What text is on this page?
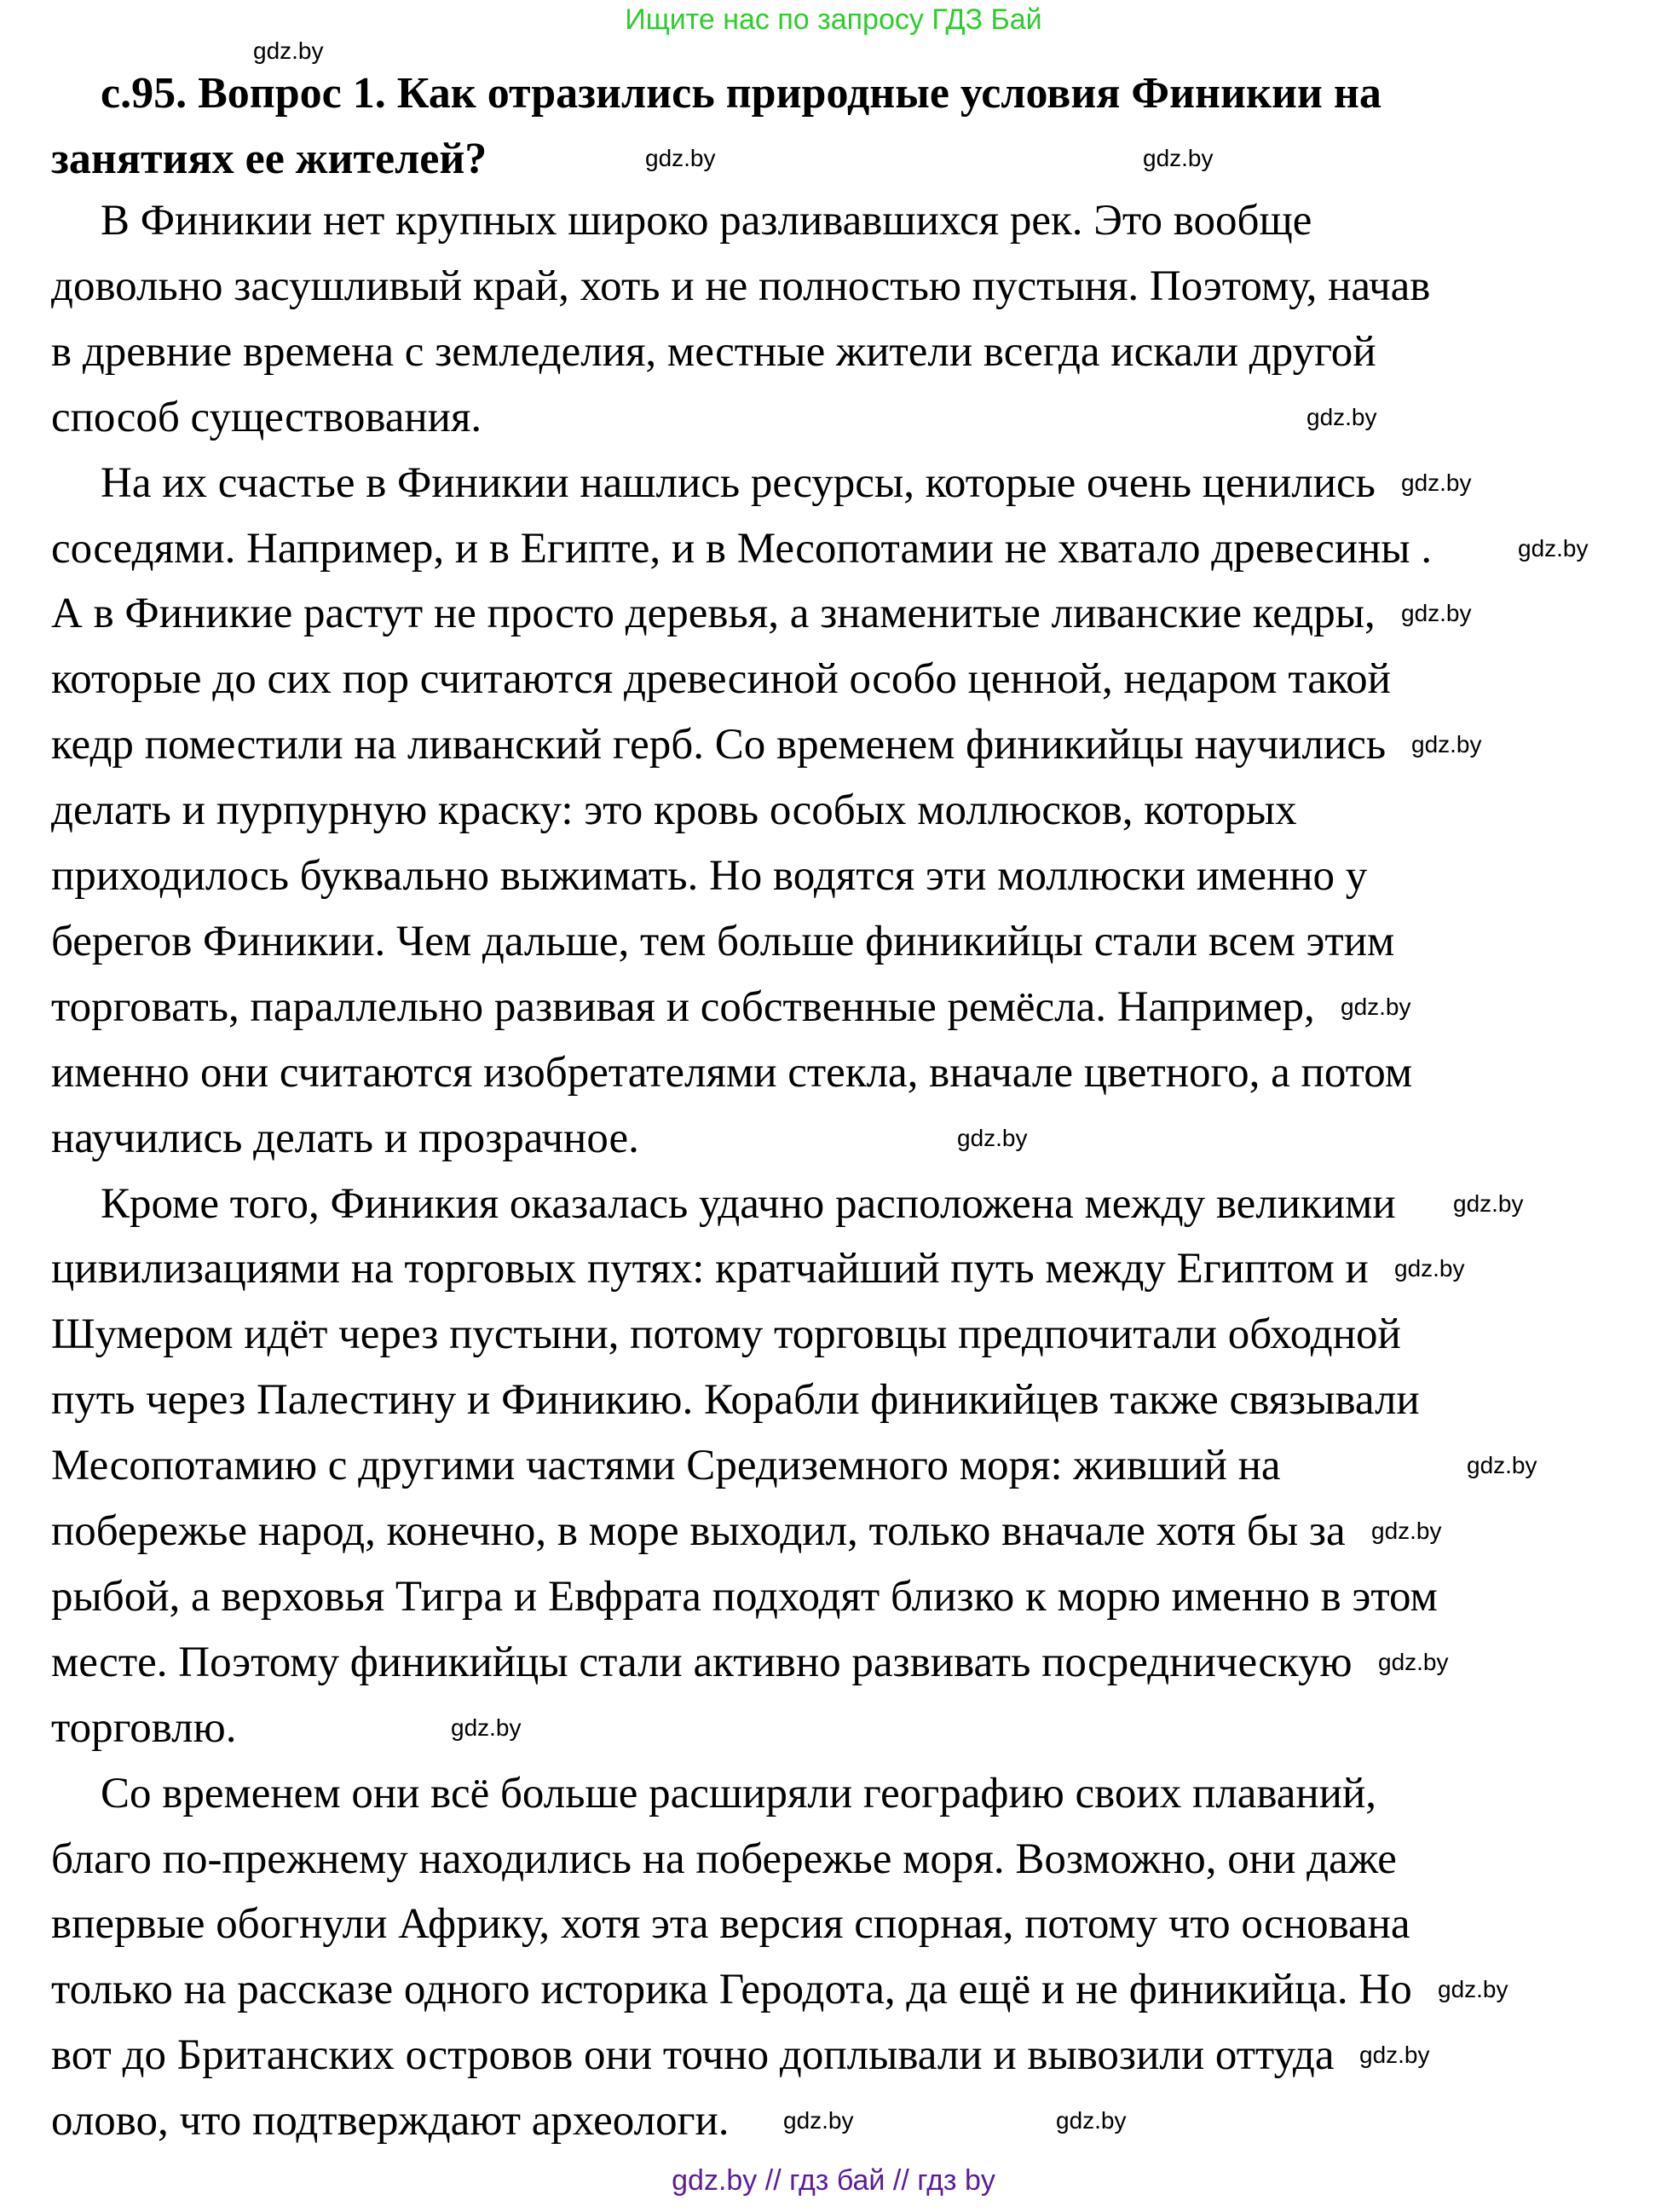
Ищите нас по запросу ГДЗ Бай
с.95. Вопрос 1. Как отразились природные условия Финикии на
занятиях ее жителей?
В Финикии нет крупных широко разливавшихся рек. Это вообще
довольно засушливый край, хоть и не полностью пустыня. Поэтому, начав
в древние времена с земледелия, местные жители всегда искали другой
способ существования.
На их счастье в Финикии нашлись ресурсы, которые очень ценились
соседями. Например, и в Египте, и в Месопотамии не хватало древесины .
А в Финикие растут не просто деревья, а знаменитые ливанские кедры,
которые до сих пор считаются древесиной особо ценной, недаром такой
кедр поместили на ливанский герб. Со временем финикийцы научились
делать и пурпурную краску: это кровь особых моллюсков, которых
приходилось буквально выжимать. Но водятся эти моллюски именно у
берегов Финикии. Чем дальше, тем больше финикийцы стали всем этим
торговать, параллельно развивая и собственные ремёсла. Например,
именно они считаются изобретателями стекла, вначале цветного, а потом
научились делать и прозрачное.
Кроме того, Финикия оказалась удачно расположена между великими
цивилизациями на торговых путях: кратчайший путь между Египтом и
Шумером идёт через пустыни, потому торговцы предпочитали обходной
путь через Палестину и Финикию. Корабли финикийцев также связывали
Месопотамию с другими частями Средиземного моря: живший на
побережье народ, конечно, в море выходил, только вначале хотя бы за
рыбой, а верховья Тигра и Евфрата подходят близко к морю именно в этом
месте. Поэтому финикийцы стали активно развивать посредническую
торговлю.
Со временем они всё больше расширяли географию своих плаваний,
благо по-прежнему находились на побережье моря. Возможно, они даже
впервые обогнули Африку, хотя эта версия спорная, потому что основана
только на рассказе одного историка Геродота, да ещё и не финикийца. Но
вот до Британских островов они точно доплывали и вывозили оттуда
олово, что подтверждают археологи.
gdz.by
gdz.by	gdz.by
gdz.by
gdz.by
gdz.by
gdz.by
gdz.by
gdz.by
gdz.by
gdz.by
gdz.by
gdz.by
gdz.by
gdz.by
gdz.by
gdz.by
gdz.by
gdz.by	gdz.by
gdz.by // гдз бай // гдз by
